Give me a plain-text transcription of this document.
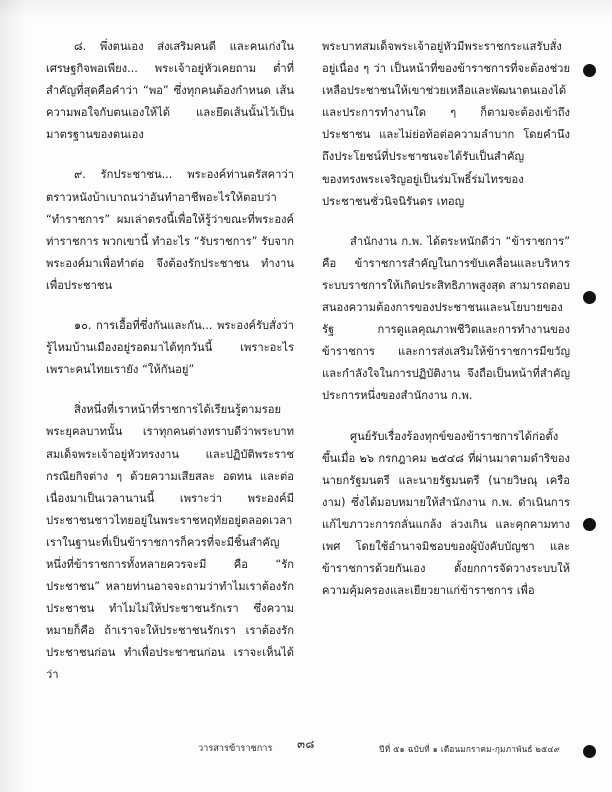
๘. พึ่งตนเอง ส่งเสริมคนดี และคนเก่งในเศรษฐกิจพอเพียง... พระเจ้าอยู่หัวเคยถาม ต่ำที่สำคัญที่สุดคือคำว่า “พอ” ซึ่งทุกคนต้องกำหนด เส้นความพอใจกับตนเองให้ได้ และยึดเส้นนั้นไว้เป็นมาตรฐานของตนเอง

๙. รักประชาชน... พระองค์ท่านตรัสคาว่า ตราวหนังบ้าเบาถนว่าอันทำอาชีพอะไรให้ตอบว่า “ทำราชการ” ผมเล่าตรงนี้เพื่อให้รู้ว่าขณะที่พระองค์ท่าราชการ พวกเขานี้ ทำอะไร “รับราชการ” รับจากพระองค์มาเพื่อทำต่อ จึงต้องรักประชาชน ทำงานเพื่อประชาชน

๑๐. การเอื้อที่ซึ่งกันและกัน... พระองค์รับสั่งว่า รู้ไหมบ้านเมืองอยู่รอดมาได้ทุกวันนี้ เพราะอะไร เพราะคนไทยเรายัง “ให้กันอยู่”

สิ่งหนึ่งที่เราหน้าที่ราชการได้เรียนรู้ตามรอยพระยุคลบาทนั้น เราทุกคนต่างทราบดีว่าพระบาทสมเด็จพระเจ้าอยู่หัวทรงงาน และปฏิบัติพระราชกรณียกิจต่าง ๆ ด้วยความเสียสละ อดทน และต่อเนื่องมาเป็นเวลานานนี้ เพราะว่า พระองค์มีประชาชนชาวไทยอยู่ในพระราชหฤทัยอยู่ตลอดเวลา เราในฐานะที่เป็นข้าราชการก็ควรที่จะมีชิ้นสำคัญหนึ่งที่ข้าราชการทั้งหลายควรจะมี คือ “รักประชาชน” หลายท่านอาจจะถามว่าทำไมเราต้องรักประชาชน ทำไมไม่ให้ประชาชนรักเรา ซึ่งความหมายก็คือ ถ้าเราจะให้ประชาชนรักเรา เราต้องรักประชาชนก่อน ทำเพื่อประชาชนก่อน เราจะเห็นได้ว่า

พระบาทสมเด็จพระเจ้าอยู่หัวมีพระราชกระแสรับสั่งอยู่เนื่อง ๆ ว่า เป็นหน้าที่ของข้าราชการที่จะต้องช่วยเหลือประชาชนให้เขาช่วยเหลือและพัฒนาตนเองได้ และประการทำงานใด ๆ ก็ตามจะต้องเข้าถึงประชาชน และไม่ย่อท้อต่อความลำบาก โดยคำนึงถึงประโยชน์ที่ประชาชนจะได้รับเป็นสำคัญ

ของทรงพระเจริญอยู่เป็นร่มโพธิ์ร่มไทรของประชาชนชั่วนิจนิรันดร เทอญ

สำนักงาน ก.พ. ได้ตระหนักดีว่า “ข้าราชการ” คือ ข้าราชการสำคัญในการขับเคลื่อนและบริหารระบบราชการให้เกิดประสิทธิภาพสูงสุด สามารถตอบสนองความต้องการของประชาชนและนโยบายของรัฐ การดูแลคุณภาพชีวิตและการทำงานของข้าราชการ และการส่งเสริมให้ข้าราชการมีขวัญและกำลังใจในการปฏิบัติงาน จึงถือเป็นหน้าที่สำคัญประการหนึ่งของสำนักงาน ก.พ.

ศูนย์รับเรื่องร้องทุกข์ของข้าราชการได้ก่อตั้งขึ้นเมื่อ ๒๖ กรกฎาคม ๒๕๔๘ ที่ผ่านมาตามดำริของนายกรัฐมนตรี และนายรัฐมนตรี (นายวิษณุ เครืองาม) ซึ่งได้มอบหมายให้สำนักงาน ก.พ. ดำเนินการแก้ไขภาวะการกลั่นแกล้ง ล่วงเกิน และคุกคามทางเพศ โดยใช้อำนาจมิชอบของผู้บังคับบัญชา และข้าราชการด้วยกันเอง ตั้งยกการจัดวางระบบให้ความคุ้มครองและเยียวยาแก่ข้าราชการ เพื่อ

๓๘
วารสารข้าราชการ	ปีที่ ๕๑ ฉบับที่ ๑ เดือนมกราคม-กุมภาพันธ์ ๒๕๔๙
